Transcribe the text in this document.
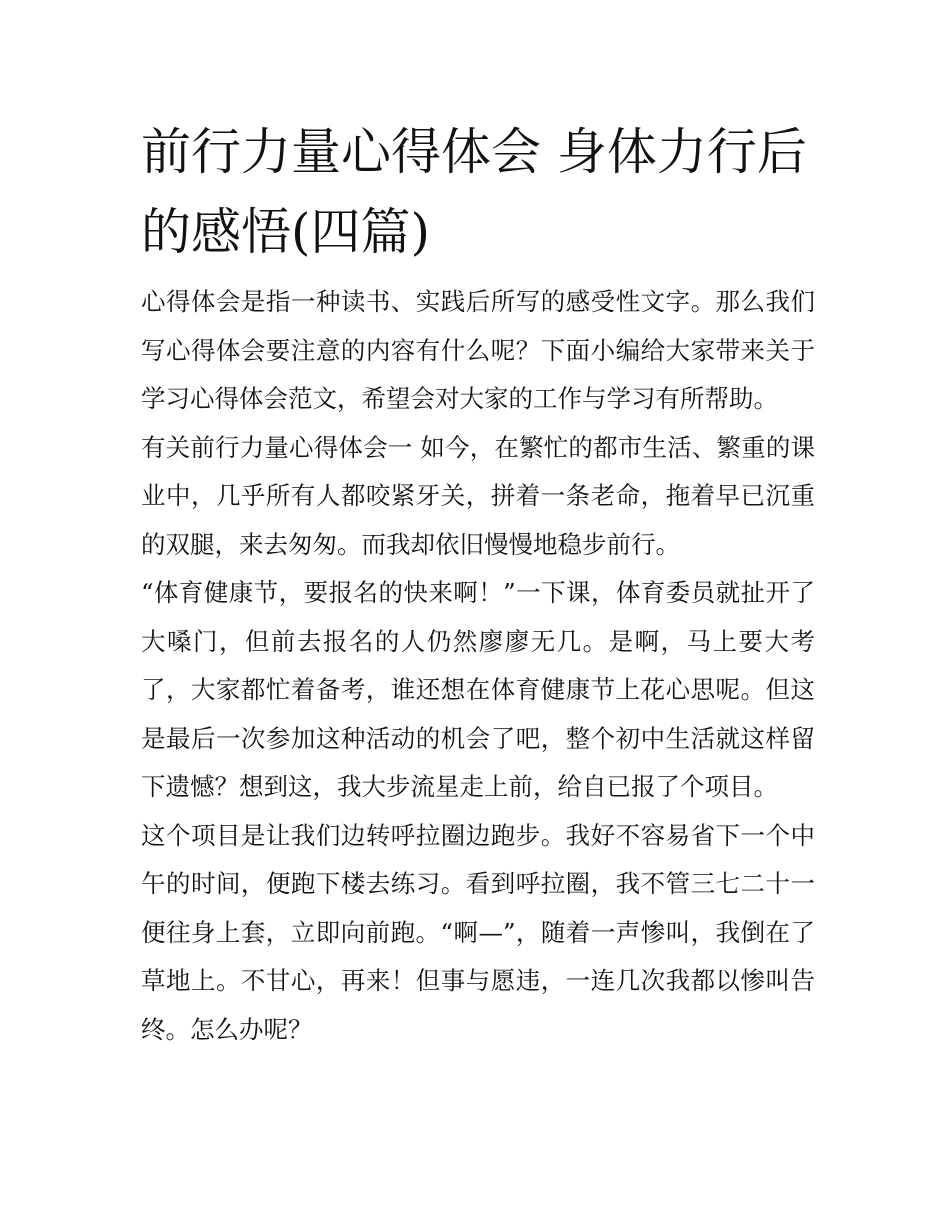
前行力量心得体会 身体力行后的感悟(四篇)

心得体会是指一种读书、实践后所写的感受性文字。那么我们写心得体会要注意的内容有什么呢？下面小编给大家带来关于学习心得体会范文，希望会对大家的工作与学习有所帮助。

有关前行力量心得体会一 如今，在繁忙的都市生活、繁重的课业中，几乎所有人都咬紧牙关，拼着一条老命，拖着早已沉重的双腿，来去匆匆。而我却依旧慢慢地稳步前行。

“体育健康节，要报名的快来啊！”一下课，体育委员就扯开了大嗓门，但前去报名的人仍然廖廖无几。是啊，马上要大考了，大家都忙着备考，谁还想在体育健康节上花心思呢。但这是最后一次参加这种活动的机会了吧，整个初中生活就这样留下遗憾？想到这，我大步流星走上前，给自已报了个项目。

这个项目是让我们边转呼拉圈边跑步。我好不容易省下一个中午的时间，便跑下楼去练习。看到呼拉圈，我不管三七二十一便往身上套，立即向前跑。“啊—”，随着一声惨叫，我倒在了草地上。不甘心，再来！但事与愿违，一连几次我都以惨叫告终。怎么办呢？
